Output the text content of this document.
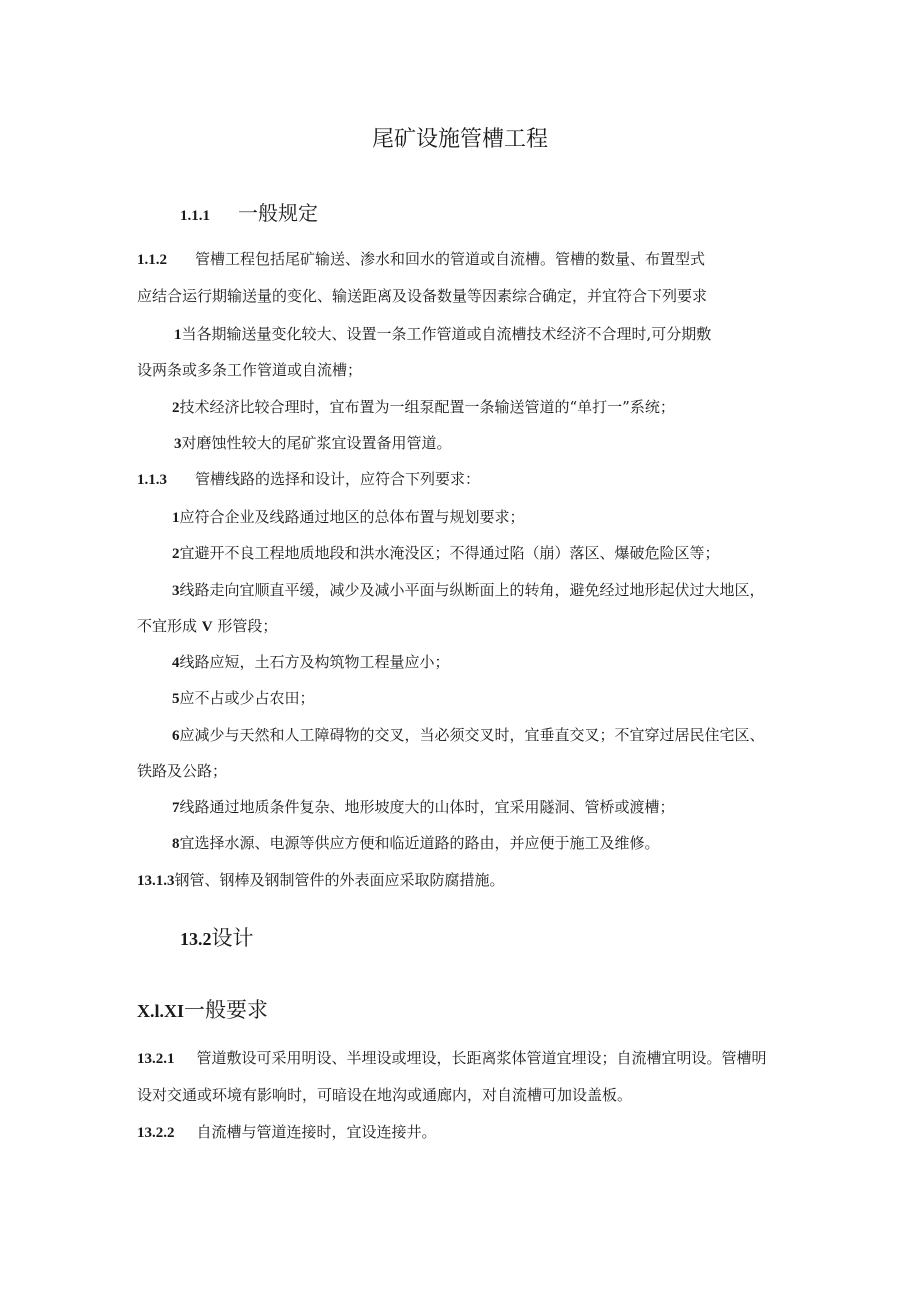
尾矿设施管槽工程
1.1.1 一般规定
1.1.2 管槽工程包括尾矿输送、渗水和回水的管道或自流槽。管槽的数量、布置型式
应结合运行期输送量的变化、输送距离及设备数量等因素综合确定，并宜符合下列要求
1当各期输送量变化较大、设置一条工作管道或自流槽技术经济不合理时,可分期敷
设两条或多条工作管道或自流槽；
2技术经济比较合理时，宜布置为一组泵配置一条输送管道的“单打一”系统；
3对磨蚀性较大的尾矿浆宜设置备用管道。
1.1.3 管槽线路的选择和设计，应符合下列要求：
1应符合企业及线路通过地区的总体布置与规划要求；
2宜避开不良工程地质地段和洪水淹没区；不得通过陷（崩）落区、爆破危险区等；
3线路走向宜顺直平缓，减少及减小平面与纵断面上的转角，避免经过地形起伏过大地区，
不宜形成 V 形管段；
4线路应短，土石方及构筑物工程量应小；
5应不占或少占农田；
6应减少与天然和人工障碍物的交叉，当必须交叉时，宜垂直交叉；不宜穿过居民住宅区、
铁路及公路；
7线路通过地质条件复杂、地形坡度大的山体时，宜采用隧洞、管桥或渡槽；
8宜选择水源、电源等供应方便和临近道路的路由，并应便于施工及维修。
13.1.3钢管、钢棒及钢制管件的外表面应采取防腐措施。
13.2设计
X.l.XI一般要求
13.2.1 管道敷设可采用明设、半埋设或埋设，长距离浆体管道宜埋设；自流槽宜明设。管槽明
设对交通或环境有影响时，可暗设在地沟或通廊内，对自流槽可加设盖板。
13.2.2 自流槽与管道连接时，宜设连接井。
